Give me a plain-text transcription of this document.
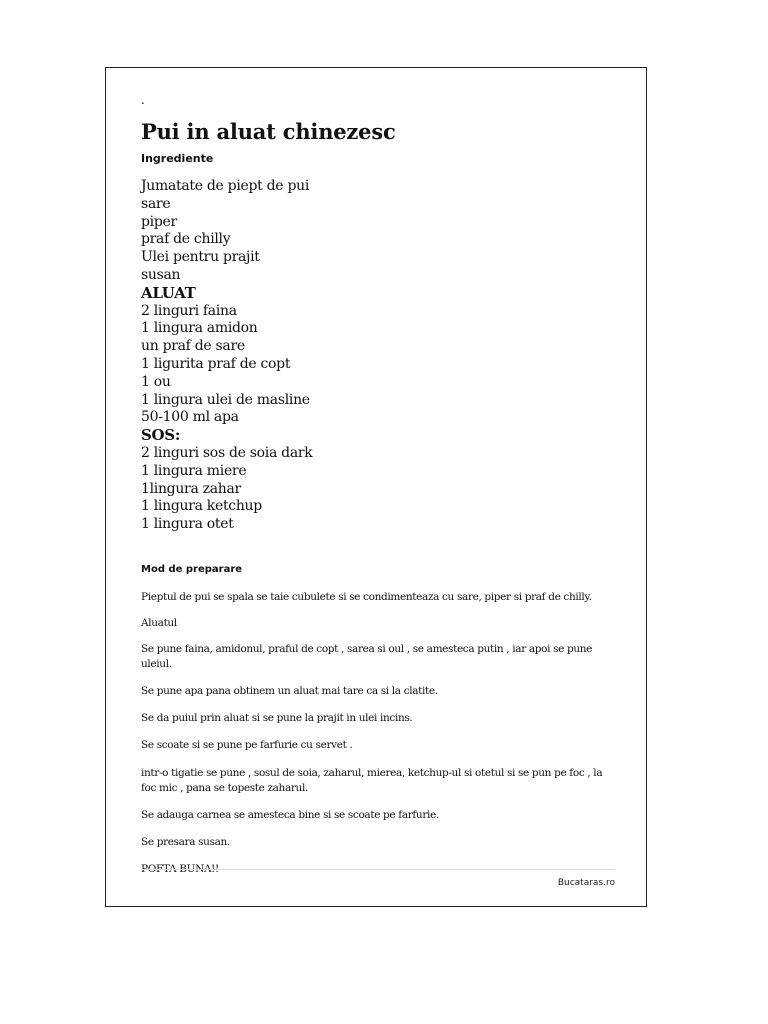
.
Pui in aluat chinezesc
Ingrediente
Jumatate de piept de pui
sare
piper
praf de chilly
Ulei pentru prajit
susan
ALUAT
2 linguri faina
1 lingura amidon
un praf de sare
1 ligurita praf de copt
1 ou
1 lingura ulei de masline
50-100 ml apa
SOS:
2 linguri sos de soia dark
1 lingura miere
1lingura zahar
1 lingura ketchup
1 lingura otet
Mod de preparare

Pieptul de pui se spala se taie cubulete si se condimenteaza cu sare, piper si praf de chilly.

Aluatul

Se pune faina, amidonul, praful de copt , sarea si oul , se amesteca putin , iar apoi se pune uleiul.

Se pune apa pana obtinem un aluat mai tare ca si la clatite.

Se da puiul prin aluat si se pune la prajit in ulei incins.

Se scoate si se pune pe farfurie cu servet .

intr-o tigatie se pune , sosul de soia, zaharul, mierea, ketchup-ul si otetul si se pun pe foc , la foc mic , pana se topeste zaharul.

Se adauga carnea se amesteca bine si se scoate pe farfurie.

Se presara susan.

POFTA BUNA!!

Bucataras.ro
